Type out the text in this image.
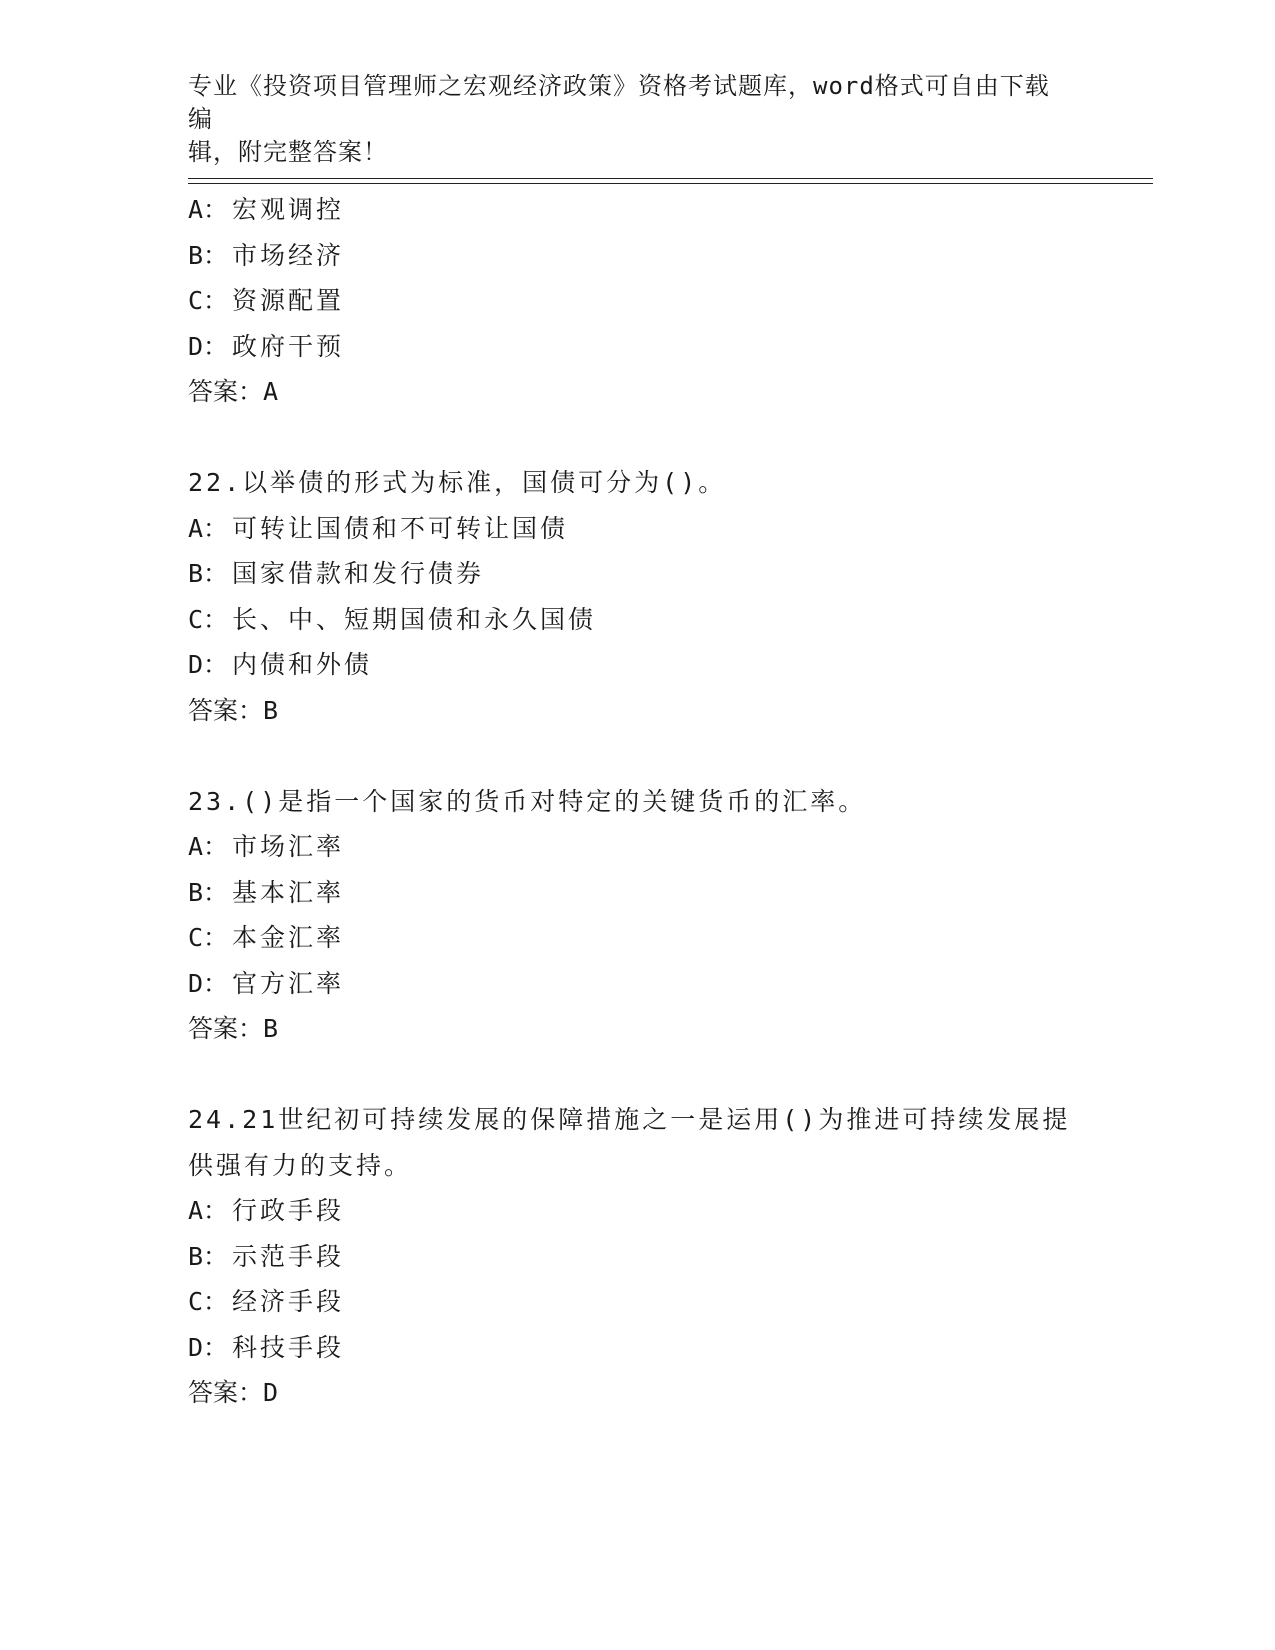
专业《投资项目管理师之宏观经济政策》资格考试题库，word格式可自由下载编
辑，附完整答案！
A： 宏观调控
B： 市场经济
C： 资源配置
D： 政府干预
答案：A
22.以举债的形式为标准，国债可分为()。
A： 可转让国债和不可转让国债
B： 国家借款和发行债券
C： 长、中、短期国债和永久国债
D： 内债和外债
答案：B
23.()是指一个国家的货币对特定的关键货币的汇率。
A： 市场汇率
B： 基本汇率
C： 本金汇率
D： 官方汇率
答案：B
24.21世纪初可持续发展的保障措施之一是运用()为推进可持续发展提
供强有力的支持。
A： 行政手段
B： 示范手段
C： 经济手段
D： 科技手段
答案：D
